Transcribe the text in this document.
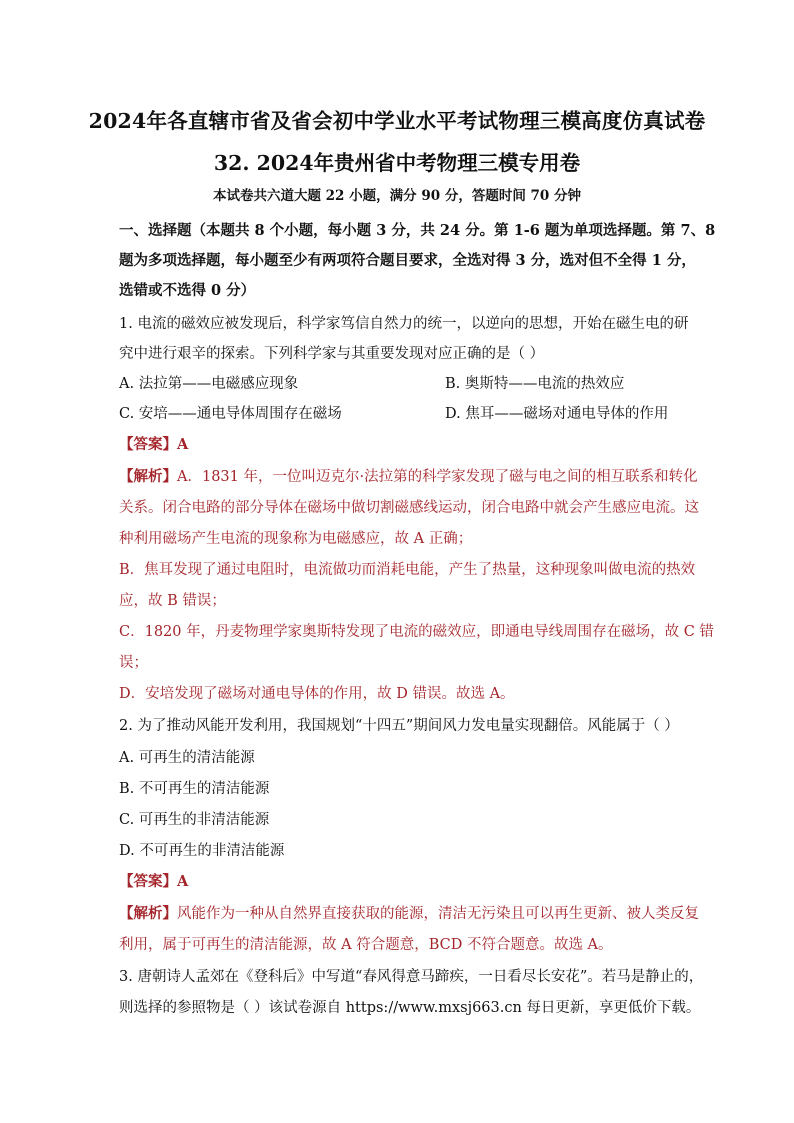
2024年各直辖市省及省会初中学业水平考试物理三模高度仿真试卷
32. 2024年贵州省中考物理三模专用卷
本试卷共六道大题 22 小题，满分 90 分，答题时间 70 分钟
一、选择题（本题共 8 个小题，每小题 3 分，共 24 分。第 1-6 题为单项选择题。第 7、8
题为多项选择题，每小题至少有两项符合题目要求，全选对得 3 分，选对但不全得 1 分，
选错或不选得 0 分）
1. 电流的磁效应被发现后，科学家笃信自然力的统一，以逆向的思想，开始在磁生电的研
究中进行艰辛的探索。下列科学家与其重要发现对应正确的是（ ）
A. 法拉第——电磁感应现象	B. 奥斯特——电流的热效应
C. 安培——通电导体周围存在磁场	D. 焦耳——磁场对通电导体的作用
【答案】A
【解析】A．1831 年，一位叫迈克尔·法拉第的科学家发现了磁与电之间的相互联系和转化
关系。闭合电路的部分导体在磁场中做切割磁感线运动，闭合电路中就会产生感应电流。这
种利用磁场产生电流的现象称为电磁感应，故 A 正确；
B．焦耳发现了通过电阻时，电流做功而消耗电能，产生了热量，这种现象叫做电流的热效
应，故 B 错误；
C．1820 年，丹麦物理学家奥斯特发现了电流的磁效应，即通电导线周围存在磁场，故 C 错
误；
D．安培发现了磁场对通电导体的作用，故 D 错误。故选 A。
2. 为了推动风能开发利用，我国规划“十四五”期间风力发电量实现翻倍。风能属于（ ）
A. 可再生的清洁能源
B. 不可再生的清洁能源
C. 可再生的非清洁能源
D. 不可再生的非清洁能源
【答案】A
【解析】风能作为一种从自然界直接获取的能源，清洁无污染且可以再生更新、被人类反复
利用，属于可再生的清洁能源，故 A 符合题意，BCD 不符合题意。故选 A。
3. 唐朝诗人孟郊在《登科后》中写道“春风得意马蹄疾，一日看尽长安花”。若马是静止的，
则选择的参照物是（ ）该试卷源自 https://www.mxsj663.cn 每日更新，享更低价下载。
